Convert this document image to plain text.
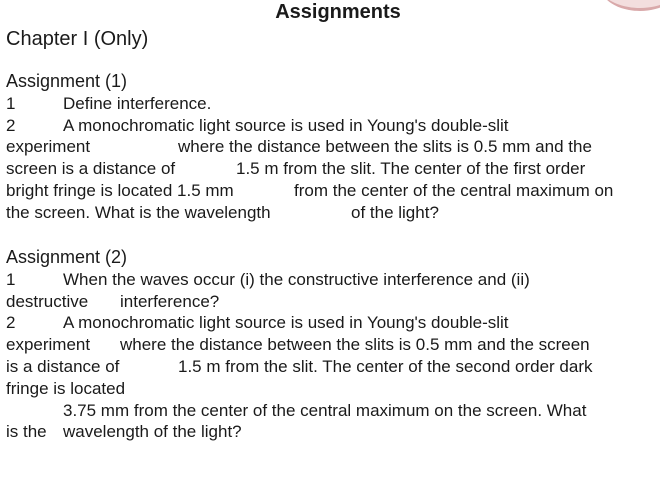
Assignments
Chapter I (Only)
Assignment (1)
1	Define interference.
2	A monochromatic light source is used in Young's double-slit
experiment	where the distance between the slits is 0.5 mm and the
screen is a distance of	1.5 m from the slit. The center of the first order
bright fringe is located 1.5 mm	from the center of the central maximum on
the screen. What is the wavelength	of the light?
Assignment (2)
1	When the waves occur (i) the constructive interference and (ii)
destructive interference?
2	A monochromatic light source is used in Young's double-slit
experiment where the distance between the slits is 0.5 mm and the screen
is a distance of	1.5 m from the slit. The center of the second order dark
fringe is located
3.75 mm from the center of the central maximum on the screen. What
is the wavelength of the light?
